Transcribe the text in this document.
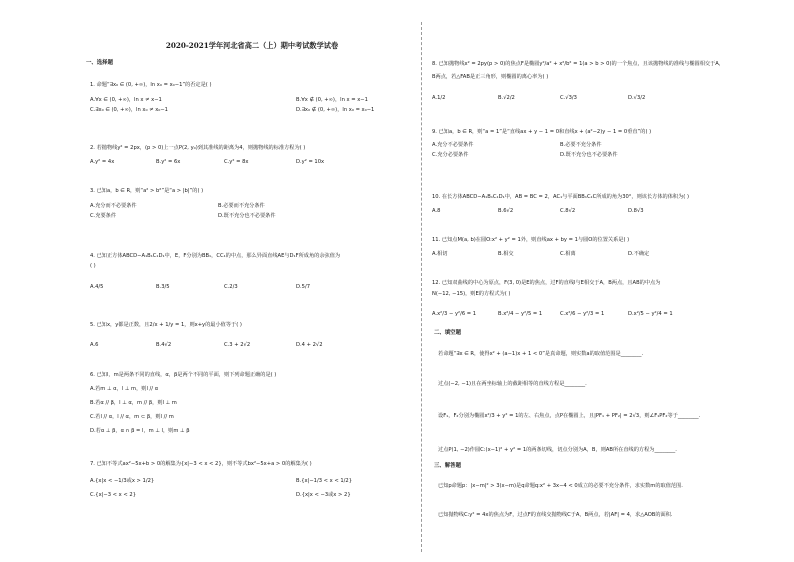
2020-2021学年河北省高二（上）期中考试数学试卷
一、选择题
1. 命题“∃x₀ ∈ (0, +∞)，ln x₀ = x₀−1”的否定是( )
A.∀x ∈ (0, +∞)，ln x ≠ x−1	B.∀x ∉ (0, +∞)，ln x = x−1
C.∃x₀ ∈ (0, +∞)，ln x₀ ≠ x₀−1	D.∃x₀ ∉ (0, +∞)，ln x₀ = x₀−1
2. 若抛物线y² = 2px，(p > 0)上一点P(2, y₀)到其准线的距离为4，则抛物线的标准方程为( )
A.y² = 4x	B.y² = 6x	C.y² = 8x	D.y² = 10x
3. 已知a，b ∈ R，则“a² > b²”是“a > |b|”的( )
A.充分而不必要条件	B.必要而不充分条件
C.充要条件	D.既不充分也不必要条件
4. 已知正方体ABCD−A₁B₁C₁D₁中，E，F分别为BB₁，CC₁的中点，那么异面直线AE与D₁F所成角的余弦值为
( )
A.4/5	B.3/5	C.2/3	D.5/7
5. 已知x，y都是正数，且2/x + 1/y = 1，则x+y的最小值等于( )
A.6	B.4√2	C.3 + 2√2	D.4 + 2√2
6. 已知l，m是两条不同的直线，α，β是两个不同的平面，则下列命题正确的是( )
A.若m ⊥ α，l ⊥ m，则l // α
B.若α // β，l ⊥ α，m // β，则l ⊥ m
C.若l // α，l // α，m ⊂ β，则l // m
D.若α ⊥ β，α ∩ β = l，m ⊥ l，则m ⊥ β
7. 已知不等式ax²−5x+b > 0的解集为{x|−3 < x < 2}，则不等式bx²−5x+a > 0的解集为( )
A.{x|x < −1/3或x > 1/2}	B.{x|−1/3 < x < 1/2}
C.{x|−3 < x < 2}	D.{x|x < −3或x > 2}
8. 已知抛物线x² = 2py(p > 0)的焦点F是椭圆y²/a² + x²/b² = 1(a > b > 0)的一个焦点，且该抛物线的准线与椭圆相交于A，
B两点，若△FAB是正三角形，则椭圆的离心率为( )
A.1/2	B.√2/2	C.√3/3	D.√3/2
9. 已知a，b ∈ R，则“a = 1”是“直线ax + y − 1 = 0和直线x + (a²−2)y − 1 = 0垂直”的( )
A.充分不必要条件	B.必要不充分条件
C.充分必要条件	D.既不充分也不必要条件
10. 在长方体ABCD−A₁B₁C₁D₁中，AB = BC = 2，AC₁与平面BB₁C₁C所成的角为30°，则该长方体的体积为( )
A.8	B.6√2	C.8√2	D.8√3
11. 已知点M(a, b)在圆O:x² + y² = 1外，则直线ax + by = 1与圆O的位置关系是( )
A.相切	B.相交	C.相离	D.不确定
12. 已知双曲线的中心为原点，F(3, 0)是E的焦点，过F的直线l与E相交于A，B两点，且AB的中点为
N(−12, −15)，则E的方程式为( )
A.x²/3 − y²/6 = 1	B.x²/4 − y²/5 = 1	C.x²/6 − y²/3 = 1	D.x²/5 − y²/4 = 1
二、填空题
若命题“∃x ∈ R，使得x² + (a−1)x + 1 < 0”是真命题，则实数a的取值范围是________.
过点(−2, −1)且在两坐标轴上的截距相等的直线方程是________.
设F₁，F₂分别为椭圆x²/3 + y² = 1的左、右焦点，点P在椭圆上，且|PF₁ + PF₂| = 2√3，则∠F₁PF₂等于________.
过点P(1, −2)作圆C:(x−1)² + y² = 1的两条切线，切点分别为A，B，则AB所在直线的方程为________.
三、解答题
已知p命题p：|x−m|² > 3(x−m)是q命题q:x² + 3x−4 < 0成立的必要不充分条件，求实数m的取值范围.
已知抛物线C:y² = 4x的焦点为F，过点F的直线交抛物线C于A，B两点，若|AF| = 4，求△AOB的面积.
